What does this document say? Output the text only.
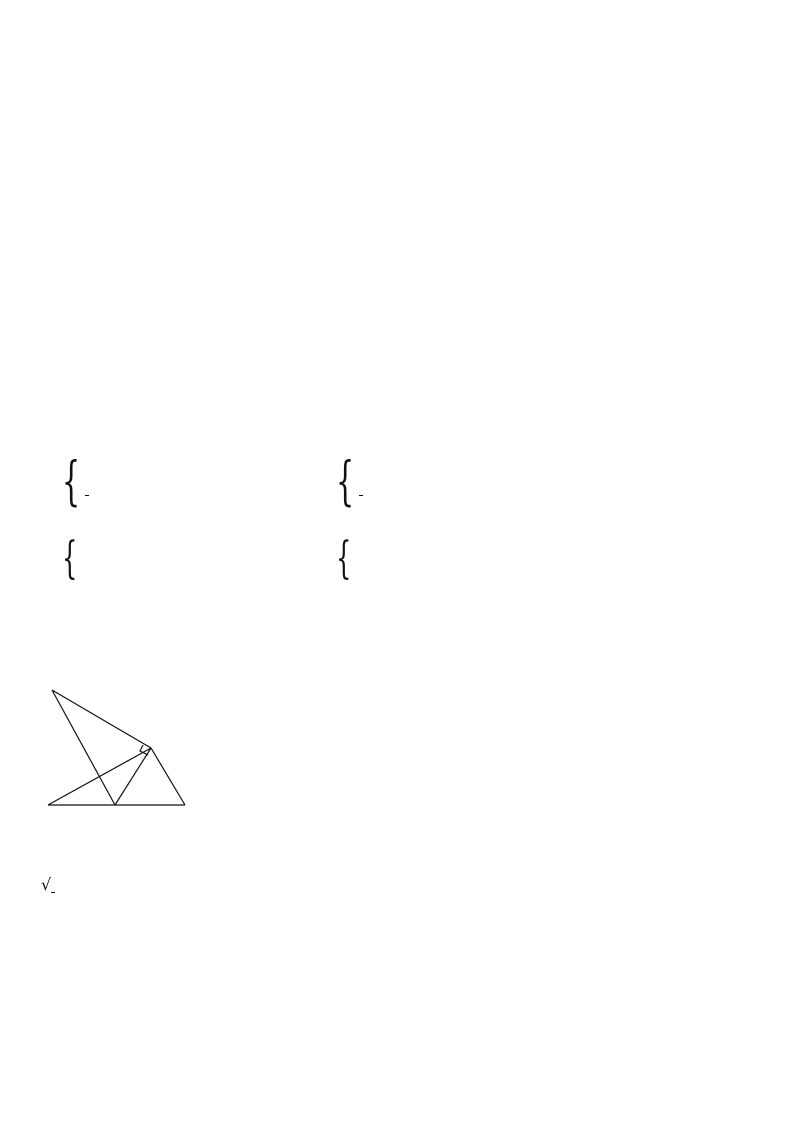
{	{
{	{
√
